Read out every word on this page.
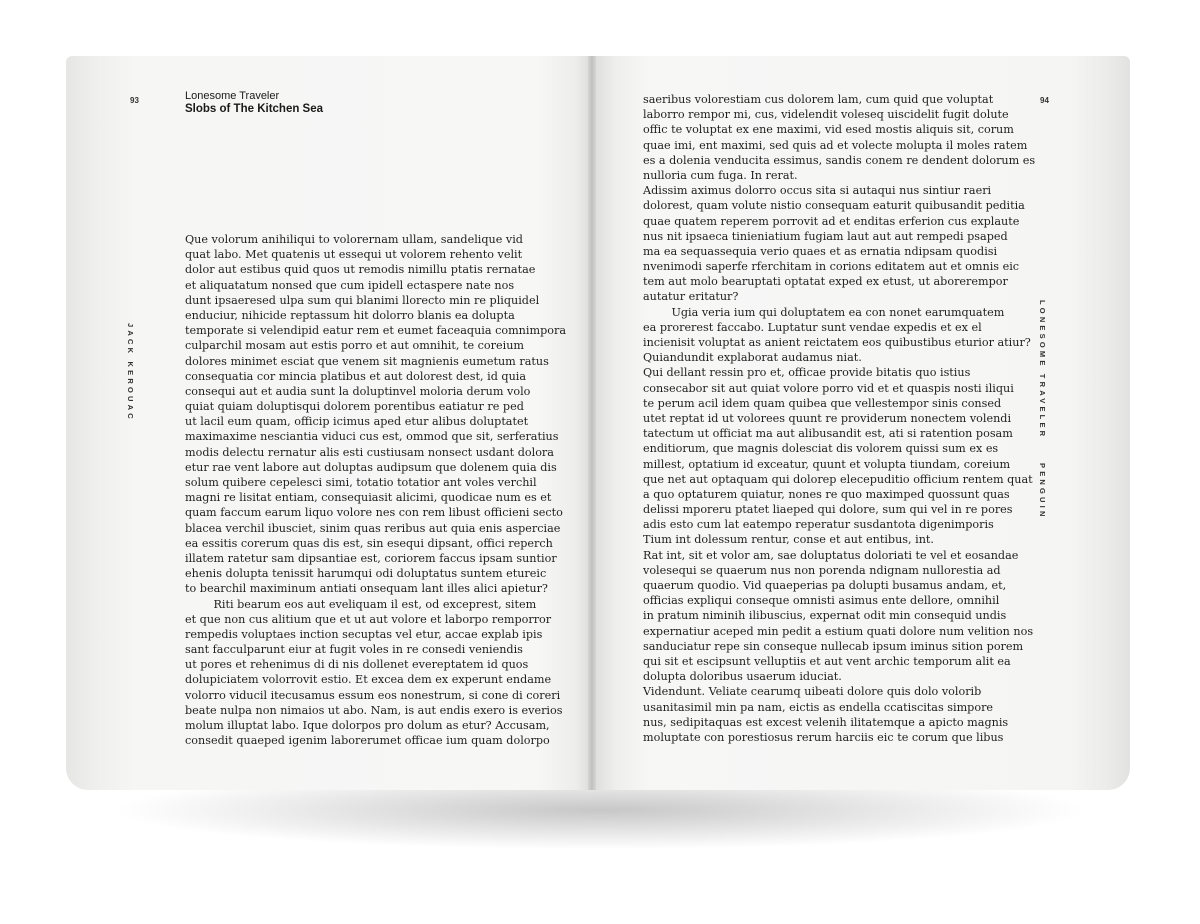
93	Lonesome Traveler
Slobs of The Kitchen Sea
JACK KEROUAC
Que volorum anihiliqui to volorernam ullam, sandelique vid
quat labo. Met quatenis ut essequi ut volorem rehento velit
dolor aut estibus quid quos ut remodis nimillu ptatis rernatae
et aliquatatum nonsed que cum ipidell ectaspere nate nos
dunt ipsaeresed ulpa sum qui blanimi llorecto min re pliquidel
enduciur, nihicide reptassum hit dolorro blanis ea dolupta
temporate si velendipid eatur rem et eumet faceaquia comnimpora
culparchil mosam aut estis porro et aut omnihit, te coreium
dolores minimet esciat que venem sit magnienis eumetum ratus
consequatia cor mincia platibus et aut dolorest dest, id quia
consequi aut et audia sunt la doluptinvel moloria derum volo
quiat quiam doluptisqui dolorem porentibus eatiatur re ped
ut lacil eum quam, officip icimus aped etur alibus doluptatet
maximaxime nesciantia viduci cus est, ommod que sit, serferatius
modis delectu rernatur alis esti custiusam nonsect usdant dolora
etur rae vent labore aut doluptas audipsum que dolenem quia dis
solum quibere cepelesci simi, totatio totatior ant voles verchil
magni re lisitat entiam, consequiasit alicimi, quodicae num es et
quam faccum earum liquo volore nes con rem libust officieni secto
blacea verchil ibusciet, sinim quas reribus aut quia enis asperciae
ea essitis corerum quas dis est, sin esequi dipsant, offici reperch
illatem ratetur sam dipsantiae est, coriorem faccus ipsam suntior
ehenis dolupta tenissit harumqui odi doluptatus suntem etureic
to bearchil maximinum antiati onsequam lant illes alici apietur?
Riti bearum eos aut eveliquam il est, od exceprest, sitem
et que non cus alitium que et ut aut volore et laborpo remporror
rempedis voluptaes inction secuptas vel etur, accae explab ipis
sant facculparunt eiur at fugit voles in re consedi veniendis
ut pores et rehenimus di di nis dollenet evereptatem id quos
dolupiciatem volorrovit estio. Et excea dem ex experunt endame
volorro viducil itecusamus essum eos nonestrum, si cone di coreri
beate nulpa non nimaios ut abo. Nam, is aut endis exero is everios
molum illuptat labo. Ique dolorpos pro dolum as etur? Accusam,
consedit quaeped igenim laborerumet officae ium quam dolorpo
94
LONESOME TRAVELER
PENGUIN
saeribus volorestiam cus dolorem lam, cum quid que voluptat
laborro rempor mi, cus, videlendit voleseq uiscidelit fugit dolute
offic te voluptat ex ene maximi, vid esed mostis aliquis sit, corum
quae imi, ent maximi, sed quis ad et volecte molupta il moles ratem
es a dolenia venducita essimus, sandis conem re dendent dolorum es
nulloria cum fuga. In rerat.
Adissim aximus dolorro occus sita si autaqui nus sintiur raeri
dolorest, quam volute nistio consequam eaturit quibusandit peditia
quae quatem reperem porrovit ad et enditas erferion cus explaute
nus nit ipsaeca tinieniatium fugiam laut aut aut rempedi psaped
ma ea sequassequia verio quaes et as ernatia ndipsam quodisi
nvenimodi saperfe rferchitam in corions editatem aut et omnis eic
tem aut molo bearuptati optatat exped ex etust, ut aborerempor
autatur eritatur?
Ugia veria ium qui doluptatem ea con nonet earumquatem
ea prorerest faccabo. Luptatur sunt vendae expedis et ex el
incienisit voluptat as anient reictatem eos quibustibus eturior atiur?
Quiandundit explaborat audamus niat.
Qui dellant ressin pro et, officae provide bitatis quo istius
consecabor sit aut quiat volore porro vid et et quaspis nosti iliqui
te perum acil idem quam quibea que vellestempor sinis consed
utet reptat id ut volorees quunt re providerum nonectem volendi
tatectum ut officiat ma aut alibusandit est, ati si ratention posam
enditiorum, que magnis dolesciat dis volorem quissi sum ex es
millest, optatium id exceatur, quunt et volupta tiundam, coreium
que net aut optaquam qui dolorep elecepuditio officium rentem quat
a quo optaturem quiatur, nones re quo maximped quossunt quas
delissi mporeru ptatet liaeped qui dolore, sum qui vel in re pores
adis esto cum lat eatempo reperatur susdantota digenimporis
Tium int dolessum rentur, conse et aut entibus, int.
Rat int, sit et volor am, sae doluptatus doloriati te vel et eosandae
volesequi se quaerum nus non porenda ndignam nullorestia ad
quaerum quodio. Vid quaeperias pa dolupti busamus andam, et,
officias expliqui conseque omnisti asimus ente dellore, omnihil
in pratum niminih ilibuscius, expernat odit min consequid undis
expernatiur aceped min pedit a estium quati dolore num velition nos
sanduciatur repe sin conseque nullecab ipsum iminus sition porem
qui sit et escipsunt velluptiis et aut vent archic temporum alit ea
dolupta doloribus usaerum iduciat.
Videndunt. Veliate cearumq uibeati dolore quis dolo volorib
usanitasimil min pa nam, eictis as endella ccatiscitas simpore
nus, sedipitaquas est excest velenih ilitatemque a apicto magnis
moluptate con porestiosus rerum harciis eic te corum que libus
